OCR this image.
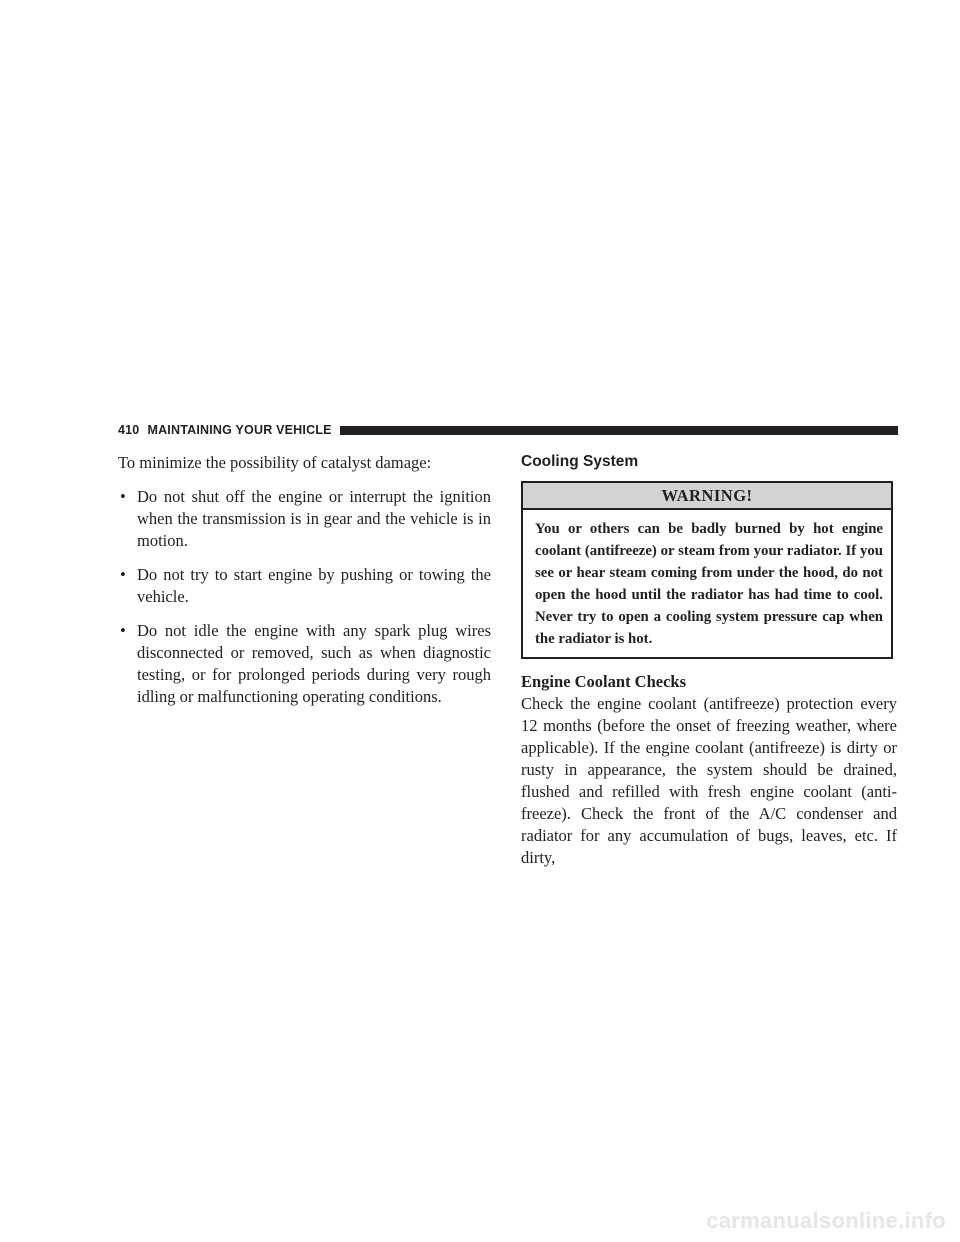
410 MAINTAINING YOUR VEHICLE

To minimize the possibility of catalyst damage:

• Do not shut off the engine or interrupt the ignition when the transmission is in gear and the vehicle is in motion.
• Do not try to start engine by pushing or towing the vehicle.
• Do not idle the engine with any spark plug wires disconnected or removed, such as when diagnostic testing, or for prolonged periods during very rough idling or malfunctioning operating conditions.
Cooling System
WARNING!
You or others can be badly burned by hot engine coolant (antifreeze) or steam from your radiator. If you see or hear steam coming from under the hood, do not open the hood until the radiator has had time to cool. Never try to open a cooling system pressure cap when the radiator is hot.
Engine Coolant Checks

Check the engine coolant (antifreeze) protection every 12 months (before the onset of freezing weather, where applicable). If the engine coolant (antifreeze) is dirty or rusty in appearance, the system should be drained, flushed and refilled with fresh engine coolant (anti-freeze). Check the front of the A/C condenser and radiator for any accumulation of bugs, leaves, etc. If dirty,

carmanualsonline.info
